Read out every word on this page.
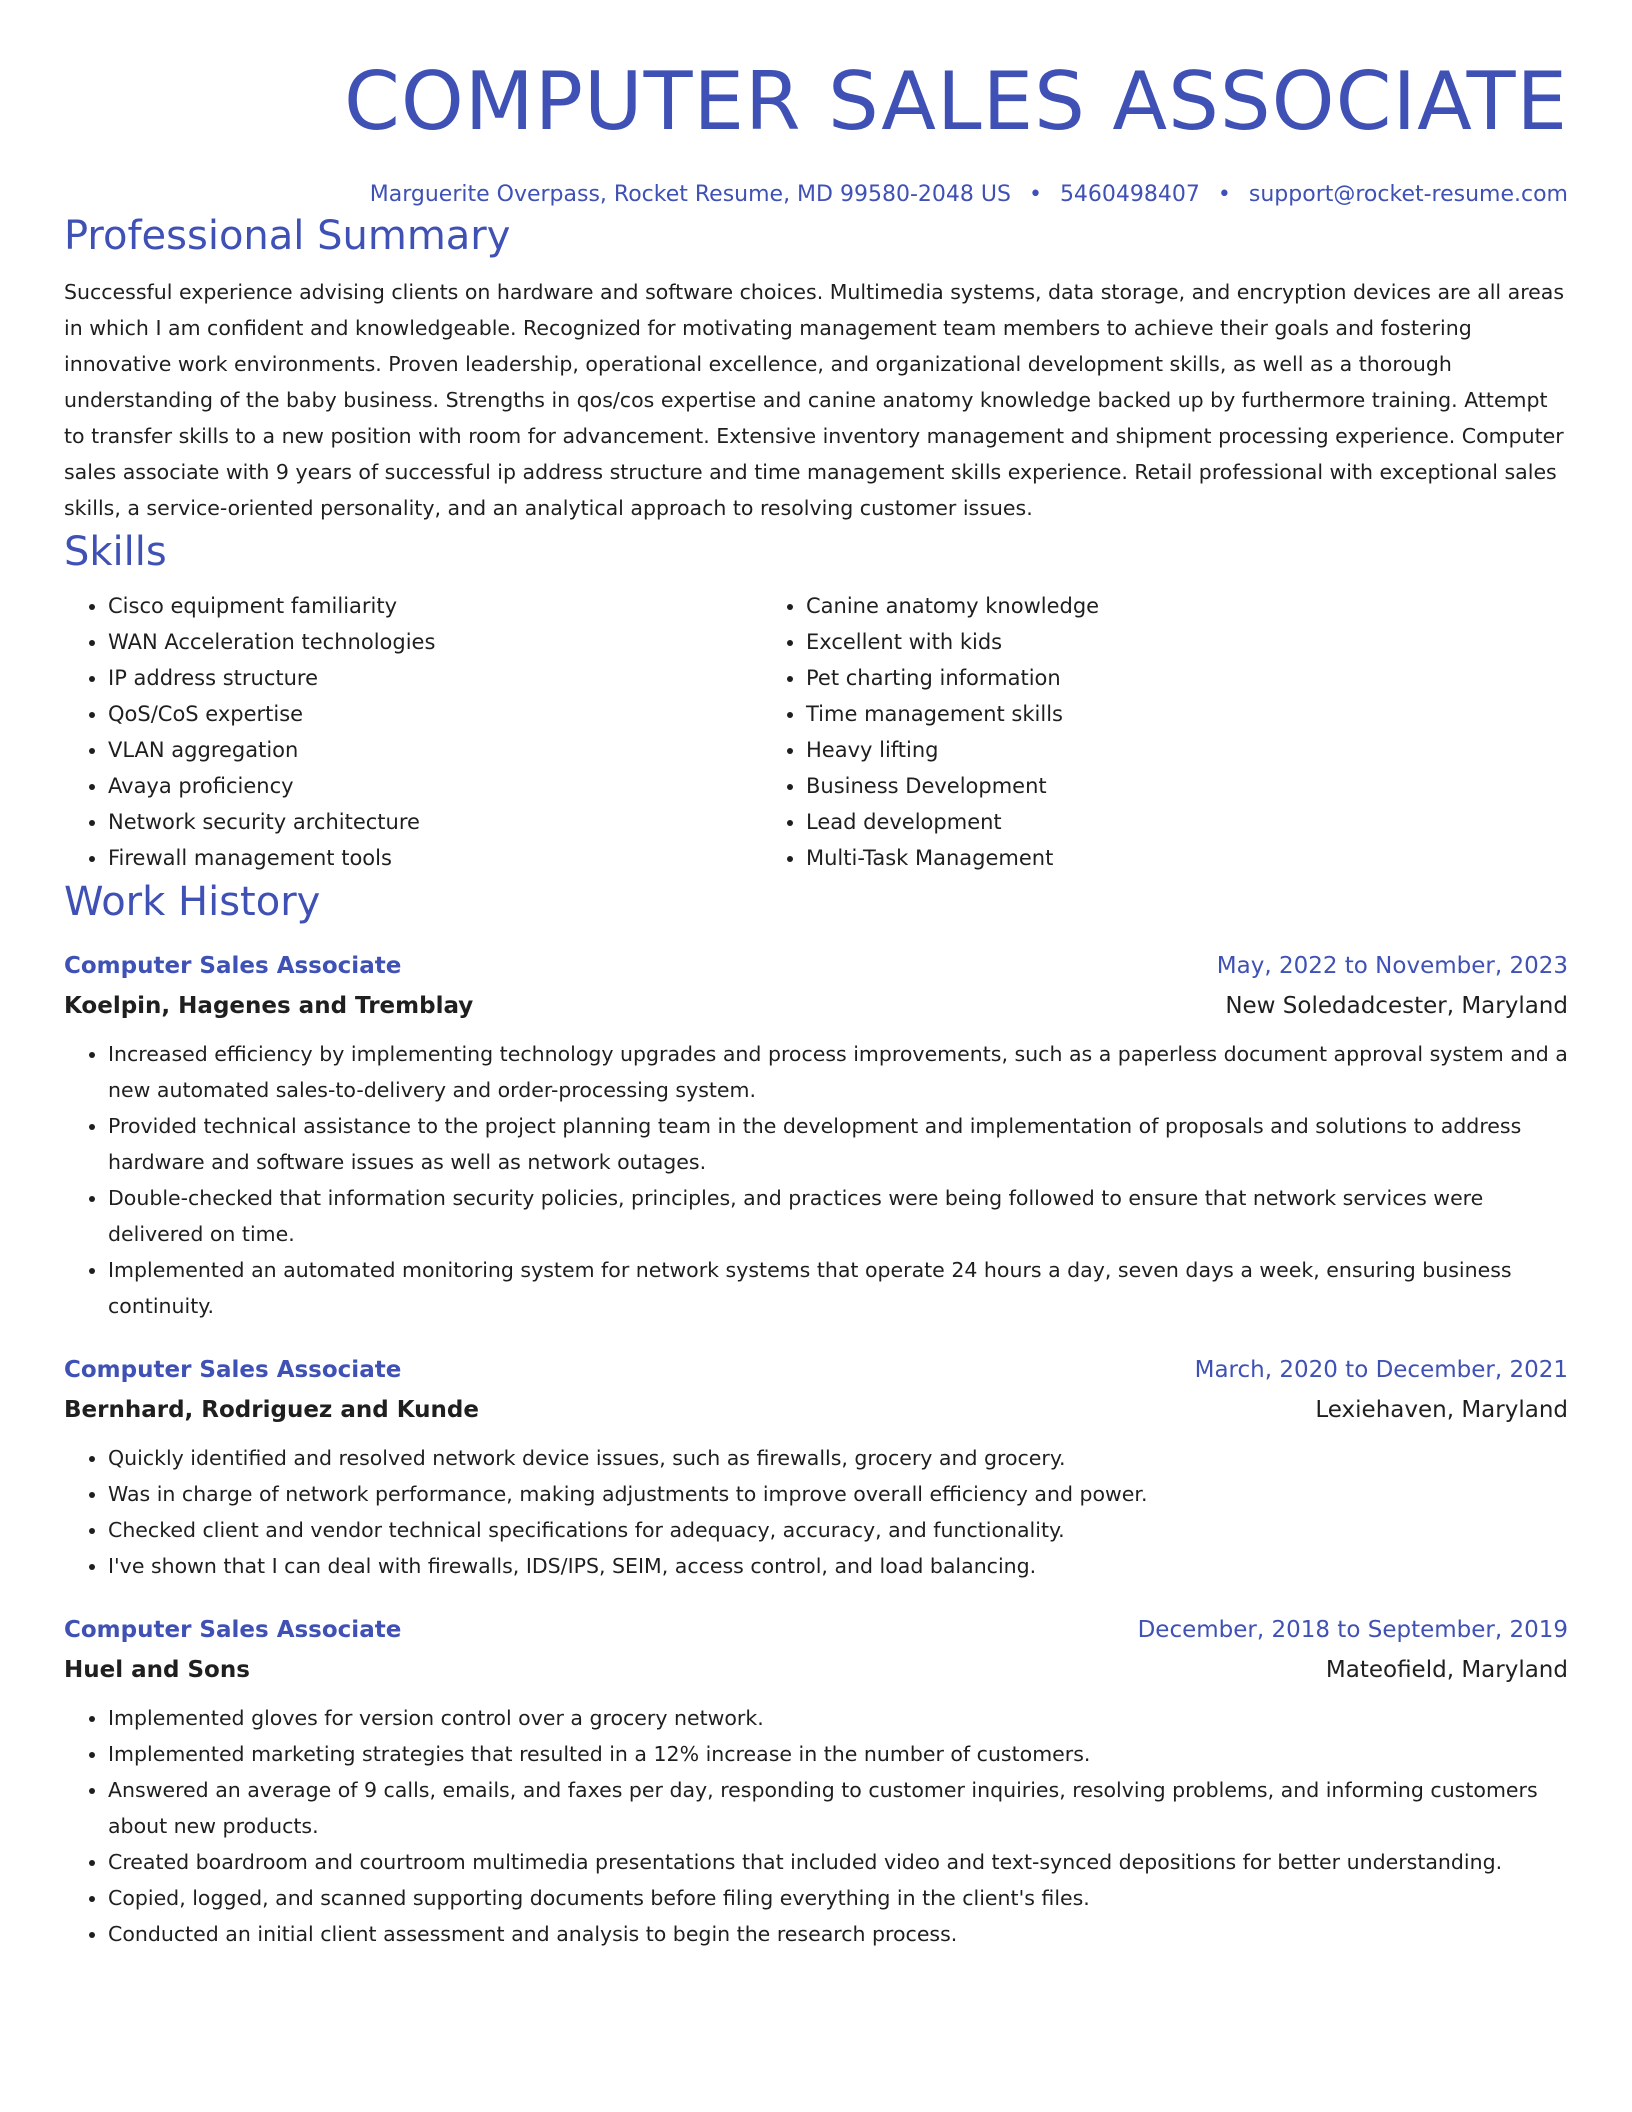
COMPUTER SALES ASSOCIATE
Marguerite Overpass, Rocket Resume, MD 99580-2048 US • 5460498407 • support@rocket-resume.com
Professional Summary
Successful experience advising clients on hardware and software choices. Multimedia systems, data storage, and encryption devices are all areas in which I am confident and knowledgeable. Recognized for motivating management team members to achieve their goals and fostering innovative work environments. Proven leadership, operational excellence, and organizational development skills, as well as a thorough understanding of the baby business. Strengths in qos/cos expertise and canine anatomy knowledge backed up by furthermore training. Attempt to transfer skills to a new position with room for advancement. Extensive inventory management and shipment processing experience. Computer sales associate with 9 years of successful ip address structure and time management skills experience. Retail professional with exceptional sales skills, a service-oriented personality, and an analytical approach to resolving customer issues.
Skills
• Cisco equipment familiarity
• WAN Acceleration technologies
• IP address structure
• QoS/CoS expertise
• VLAN aggregation
• Avaya proficiency
• Network security architecture
• Firewall management tools
• Canine anatomy knowledge
• Excellent with kids
• Pet charting information
• Time management skills
• Heavy lifting
• Business Development
• Lead development
• Multi-Task Management
Work History
Computer Sales Associate	May, 2022 to November, 2023
Koelpin, Hagenes and Tremblay	New Soledadcester, Maryland
• Increased efficiency by implementing technology upgrades and process improvements, such as a paperless document approval system and a new automated sales-to-delivery and order-processing system.
• Provided technical assistance to the project planning team in the development and implementation of proposals and solutions to address hardware and software issues as well as network outages.
• Double-checked that information security policies, principles, and practices were being followed to ensure that network services were delivered on time.
• Implemented an automated monitoring system for network systems that operate 24 hours a day, seven days a week, ensuring business continuity.
Computer Sales Associate	March, 2020 to December, 2021
Bernhard, Rodriguez and Kunde	Lexiehaven, Maryland
• Quickly identified and resolved network device issues, such as firewalls, grocery and grocery.
• Was in charge of network performance, making adjustments to improve overall efficiency and power.
• Checked client and vendor technical specifications for adequacy, accuracy, and functionality.
• I've shown that I can deal with firewalls, IDS/IPS, SEIM, access control, and load balancing.
Computer Sales Associate	December, 2018 to September, 2019
Huel and Sons	Mateofield, Maryland
• Implemented gloves for version control over a grocery network.
• Implemented marketing strategies that resulted in a 12% increase in the number of customers.
• Answered an average of 9 calls, emails, and faxes per day, responding to customer inquiries, resolving problems, and informing customers about new products.
• Created boardroom and courtroom multimedia presentations that included video and text-synced depositions for better understanding.
• Copied, logged, and scanned supporting documents before filing everything in the client's files.
• Conducted an initial client assessment and analysis to begin the research process.
